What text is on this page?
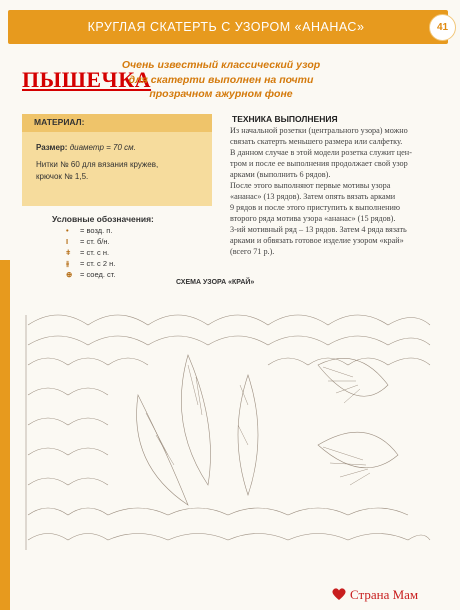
КРУГЛАЯ СКАТЕРТЬ С УЗОРОМ «АНАНАС»	41
ПЫШЕЧКА
Очень известный классический узор
для скатерти выполнен на почти
прозрачном ажурном фоне
МАТЕРИАЛ:
Размер: диаметр = 70 см.
Нитки № 60 для вязания кружев,
крючок № 1,5.
Условные обозначения:
• = возд. п.
I = ст. б/н.
ǂ = ст. с н.
⫳ = ст. с 2 н.
⊕ = соед. ст.
ТЕХНИКА ВЫПОЛНЕНИЯ
Из начальной розетки (центрального узора) можно
связать скатерть меньшего размера или салфетку.
В данном случае в этой модели розетка служит цен-
тром и после ее выполнения продолжает свой узор
арками (выполнить 6 рядов).
После этого выполняют первые мотивы узора
«ананас» (13 рядов). Затем опять вязать арками
9 рядов и после этого приступить к выполнению
второго ряда мотива узора «ананас» (15 рядов).
3-ий мотивный ряд – 13 рядов. Затем 4 ряда вязать
арками и обвязать готовое изделие узором «край»
(всего 71 р.).
СХЕМА УЗОРА «КРАЙ»
Страна Мам
